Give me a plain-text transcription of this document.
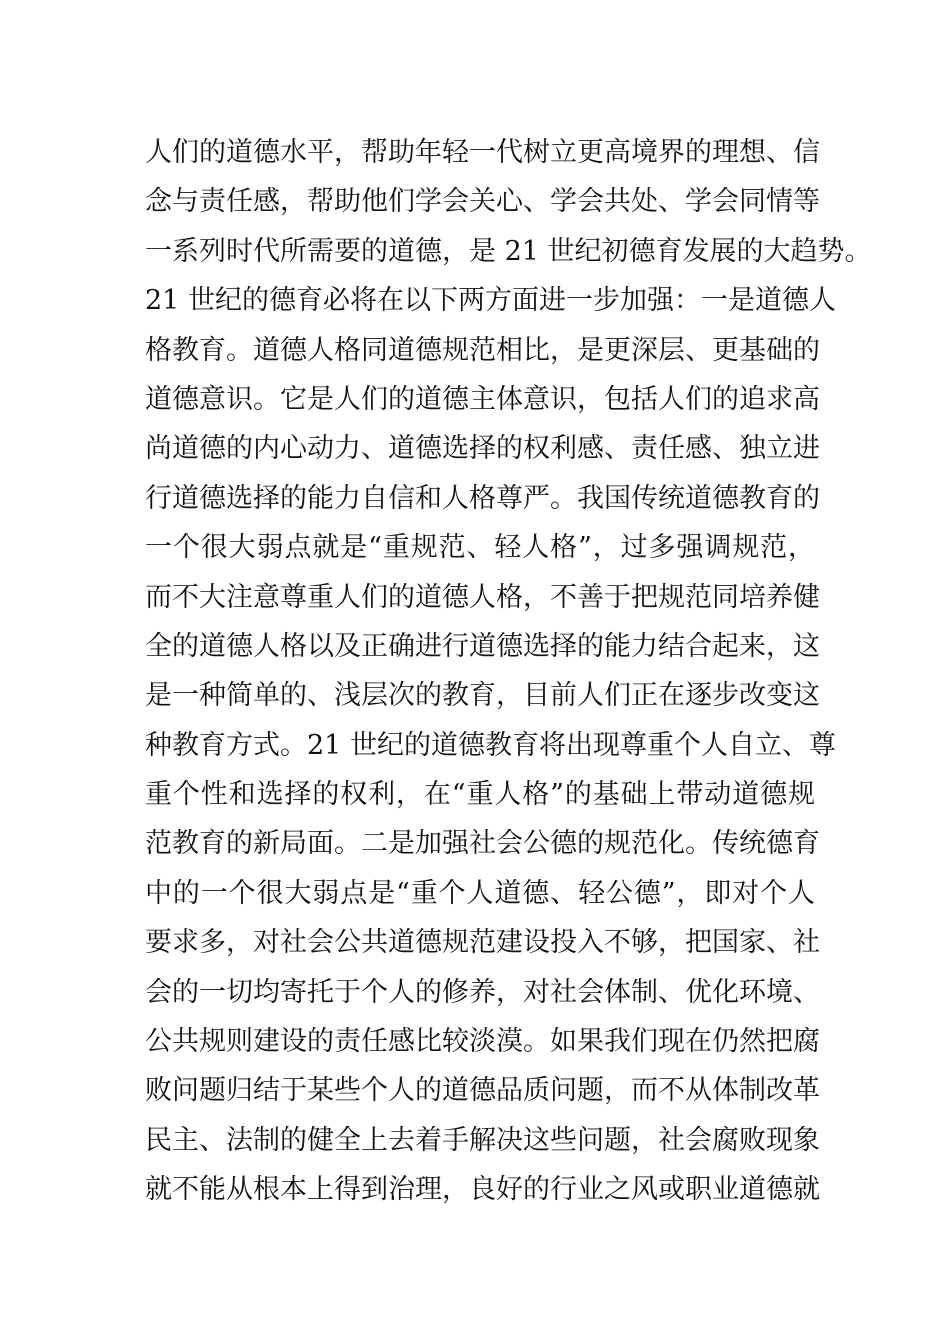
人们的道德水平，帮助年轻一代树立更高境界的理想、信
念与责任感，帮助他们学会关心、学会共处、学会同情等
一系列时代所需要的道德，是 21 世纪初德育发展的大趋势。
21 世纪的德育必将在以下两方面进一步加强：一是道德人
格教育。道德人格同道德规范相比，是更深层、更基础的
道德意识。它是人们的道德主体意识，包括人们的追求高
尚道德的内心动力、道德选择的权利感、责任感、独立进
行道德选择的能力自信和人格尊严。我国传统道德教育的
一个很大弱点就是“重规范、轻人格”，过多强调规范，
而不大注意尊重人们的道德人格，不善于把规范同培养健
全的道德人格以及正确进行道德选择的能力结合起来，这
是一种简单的、浅层次的教育，目前人们正在逐步改变这
种教育方式。21 世纪的道德教育将出现尊重个人自立、尊
重个性和选择的权利，在“重人格”的基础上带动道德规
范教育的新局面。二是加强社会公德的规范化。传统德育
中的一个很大弱点是“重个人道德、轻公德”，即对个人
要求多，对社会公共道德规范建设投入不够，把国家、社
会的一切均寄托于个人的修养，对社会体制、优化环境、
公共规则建设的责任感比较淡漠。如果我们现在仍然把腐
败问题归结于某些个人的道德品质问题，而不从体制改革
民主、法制的健全上去着手解决这些问题，社会腐败现象
就不能从根本上得到治理，良好的行业之风或职业道德就
